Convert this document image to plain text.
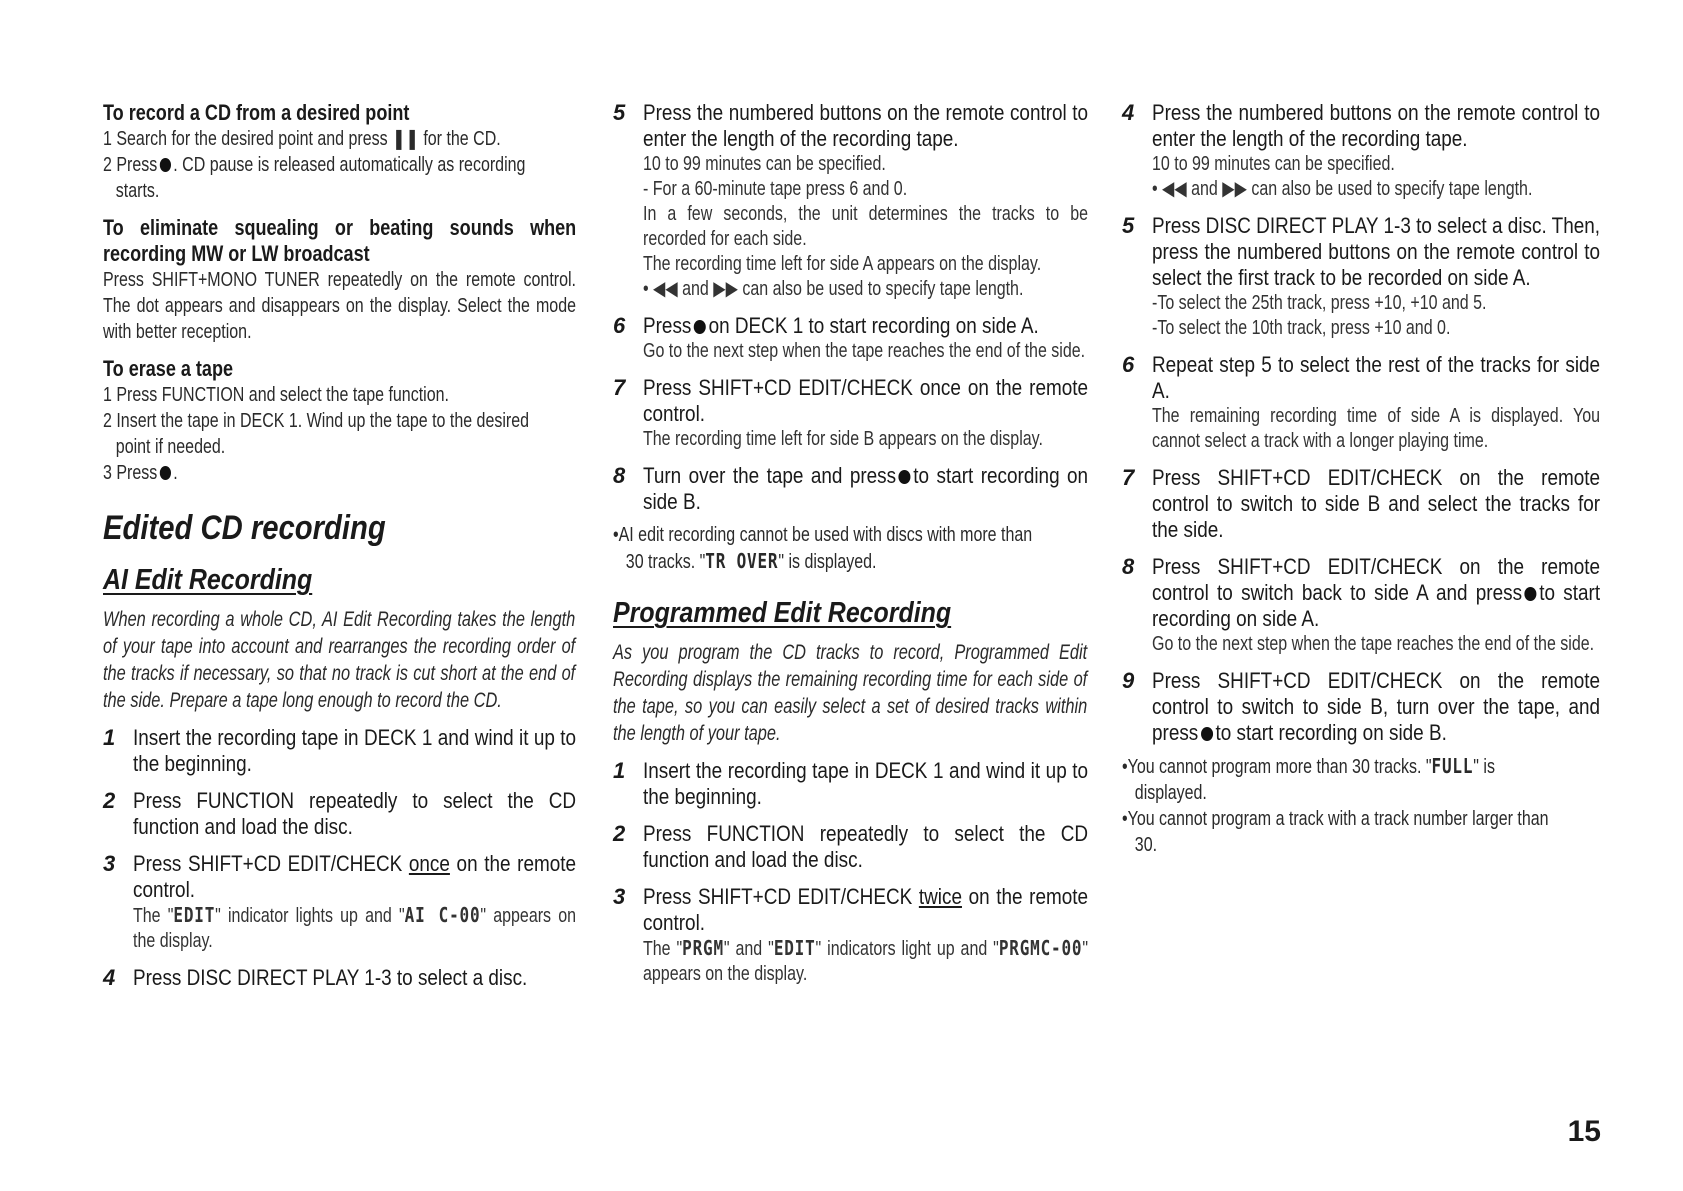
To record a CD from a desired point

1 Search for the desired point and press ❚❚ for the CD.

2 Press . CD pause is released automatically as recording

starts.

To eliminate squealing or beating sounds when recording MW or LW broadcast

Press SHIFT+MONO TUNER repeatedly on the remote control. The dot appears and disappears on the display. Select the mode with better reception.

To erase a tape

1 Press FUNCTION and select the tape function.

2 Insert the tape in DECK 1. Wind up the tape to the desired

point if needed.

3 Press .

Edited CD recording

AI Edit Recording

When recording a whole CD, AI Edit Recording takes the length of your tape into account and rearranges the recording order of the tracks if necessary, so that no track is cut short at the end of the side. Prepare a tape long enough to record the CD.

1 Insert the recording tape in DECK 1 and wind it up to the beginning.

2 Press FUNCTION repeatedly to select the CD function and load the disc.

3 Press SHIFT+CD EDIT/CHECK once on the remote control.

The "EDIT" indicator lights up and "AI C-00" appears on the display.

4 Press DISC DIRECT PLAY 1-3 to select a disc.

5 Press the numbered buttons on the remote control to enter the length of the recording tape.

10 to 99 minutes can be specified.

- For a 60-minute tape press 6 and 0.

In a few seconds, the unit determines the tracks to be recorded for each side.

The recording time left for side A appears on the display.

• ◀◀ and ▶▶ can also be used to specify tape length.

6 Press on DECK 1 to start recording on side A.

Go to the next step when the tape reaches the end of the side.

7 Press SHIFT+CD EDIT/CHECK once on the remote control.

The recording time left for side B appears on the display.

8 Turn over the tape and press to start recording on side B.

•AI edit recording cannot be used with discs with more than

30 tracks. "TR OVER" is displayed.

Programmed Edit Recording

As you program the CD tracks to record, Programmed Edit Recording displays the remaining recording time for each side of the tape, so you can easily select a set of desired tracks within the length of your tape.

1 Insert the recording tape in DECK 1 and wind it up to the beginning.

2 Press FUNCTION repeatedly to select the CD function and load the disc.

3 Press SHIFT+CD EDIT/CHECK twice on the remote control.

The "PRGM" and "EDIT" indicators light up and "PRGMC-00" appears on the display.

4 Press the numbered buttons on the remote control to enter the length of the recording tape.

10 to 99 minutes can be specified.

• ◀◀ and ▶▶ can also be used to specify tape length.

5 Press DISC DIRECT PLAY 1-3 to select a disc. Then, press the numbered buttons on the remote control to select the first track to be recorded on side A.

-To select the 25th track, press +10, +10 and 5.

-To select the 10th track, press +10 and 0.

6 Repeat step 5 to select the rest of the tracks for side A.

The remaining recording time of side A is displayed. You cannot select a track with a longer playing time.

7 Press SHIFT+CD EDIT/CHECK on the remote control to switch to side B and select the tracks for the side.

8 Press SHIFT+CD EDIT/CHECK on the remote control to switch back to side A and press to start recording on side A.

Go to the next step when the tape reaches the end of the side.

9 Press SHIFT+CD EDIT/CHECK on the remote control to switch to side B, turn over the tape, and press to start recording on side B.

•You cannot program more than 30 tracks. "FULL" is

displayed.

•You cannot program a track with a track number larger than

30.

15
